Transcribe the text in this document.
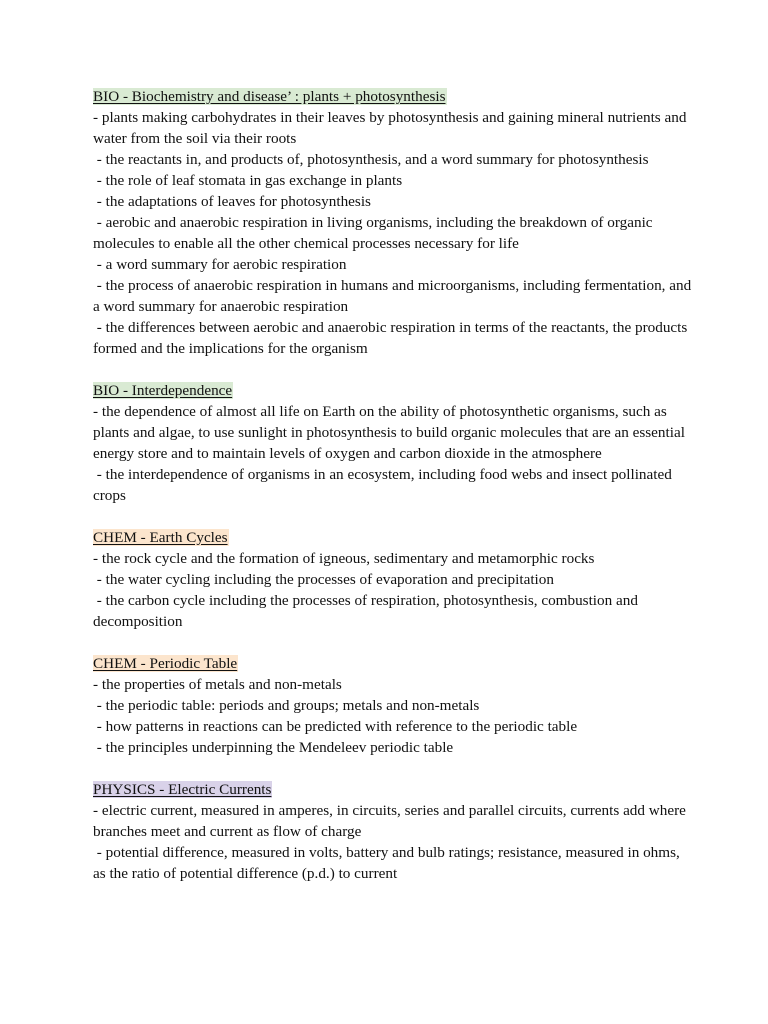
BIO - Biochemistry and disease’ : plants + photosynthesis
- plants making carbohydrates in their leaves by photosynthesis and gaining mineral nutrients and water from the soil via their roots
- the reactants in, and products of, photosynthesis, and a word summary for photosynthesis
- the role of leaf stomata in gas exchange in plants
- the adaptations of leaves for photosynthesis
- aerobic and anaerobic respiration in living organisms, including the breakdown of organic molecules to enable all the other chemical processes necessary for life
- a word summary for aerobic respiration
- the process of anaerobic respiration in humans and microorganisms, including fermentation, and a word summary for anaerobic respiration
- the differences between aerobic and anaerobic respiration in terms of the reactants, the products formed and the implications for the organism
BIO - Interdependence
- the dependence of almost all life on Earth on the ability of photosynthetic organisms, such as plants and algae, to use sunlight in photosynthesis to build organic molecules that are an essential energy store and to maintain levels of oxygen and carbon dioxide in the atmosphere
- the interdependence of organisms in an ecosystem, including food webs and insect pollinated crops
CHEM - Earth Cycles
- the rock cycle and the formation of igneous, sedimentary and metamorphic rocks
- the water cycling including the processes of evaporation and precipitation
- the carbon cycle including the processes of respiration, photosynthesis, combustion and decomposition
CHEM - Periodic Table
- the properties of metals and non-metals
- the periodic table: periods and groups; metals and non-metals
- how patterns in reactions can be predicted with reference to the periodic table
- the principles underpinning the Mendeleev periodic table
PHYSICS - Electric Currents
- electric current, measured in amperes, in circuits, series and parallel circuits, currents add where branches meet and current as flow of charge
- potential difference, measured in volts, battery and bulb ratings; resistance, measured in ohms, as the ratio of potential difference (p.d.) to current
